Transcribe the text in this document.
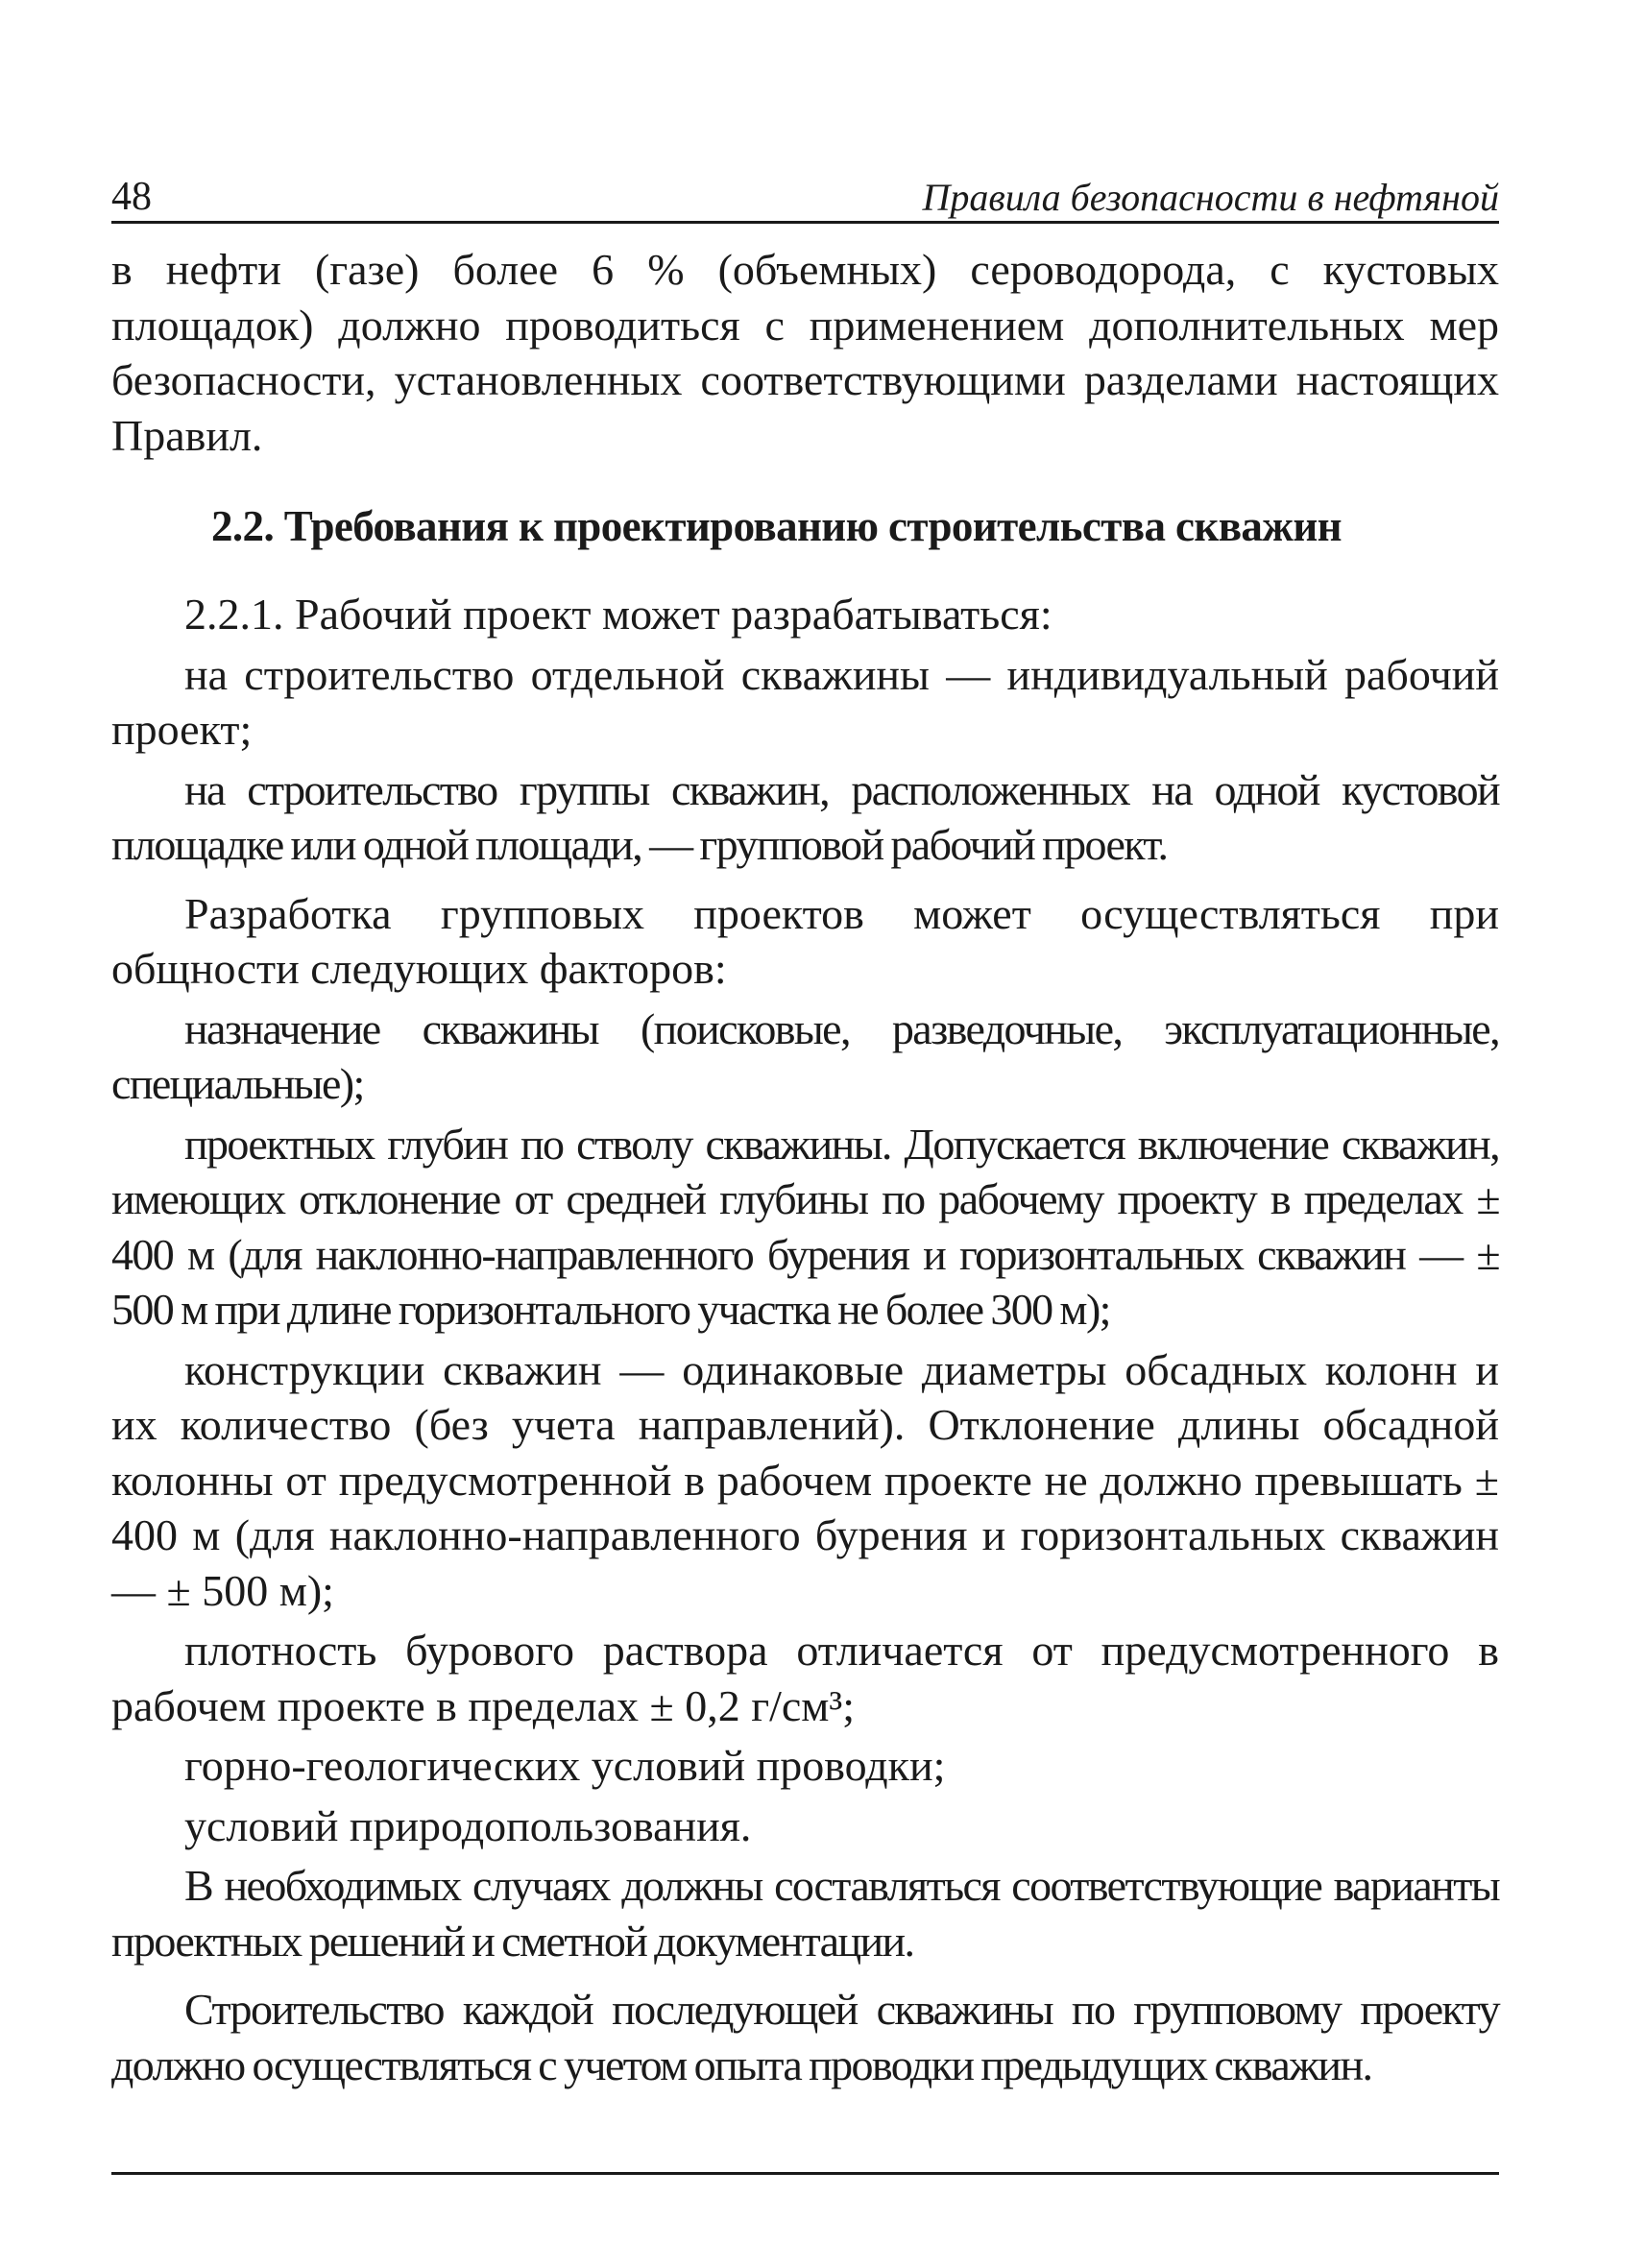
48	Правила безопасности в нефтяной

в нефти (газе) более 6 % (объемных) сероводорода, с кустовых площадок) должно проводиться с применением дополнительных мер безопасности, установленных соответствующими разделами настоящих Правил.

2.2. Требования к проектированию строительства скважин

2.2.1. Рабочий проект может разрабатываться:

на строительство отдельной скважины — индивидуальный рабочий проект;

на строительство группы скважин, расположенных на одной кустовой площадке или одной площади, — групповой рабочий проект.

Разработка групповых проектов может осуществляться при общности следующих факторов:

назначение скважины (поисковые, разведочные, эксплуатационные, специальные);

проектных глубин по стволу скважины. Допускается включение скважин, имеющих отклонение от средней глубины по рабочему проекту в пределах ± 400 м (для наклонно-направленного бурения и горизонтальных скважин — ± 500 м при длине горизонтального участка не более 300 м);

конструкции скважин — одинаковые диаметры обсадных колонн и их количество (без учета направлений). Отклонение длины обсадной колонны от предусмотренной в рабочем проекте не должно превышать ± 400 м (для наклонно-направленного бурения и горизонтальных скважин — ± 500 м);

плотность бурового раствора отличается от предусмотренного в рабочем проекте в пределах ± 0,2 г/см³;

горно-геологических условий проводки;

условий природопользования.

В необходимых случаях должны составляться соответствующие варианты проектных решений и сметной документации.

Строительство каждой последующей скважины по групповому проекту должно осуществляться с учетом опыта проводки предыдущих скважин.
